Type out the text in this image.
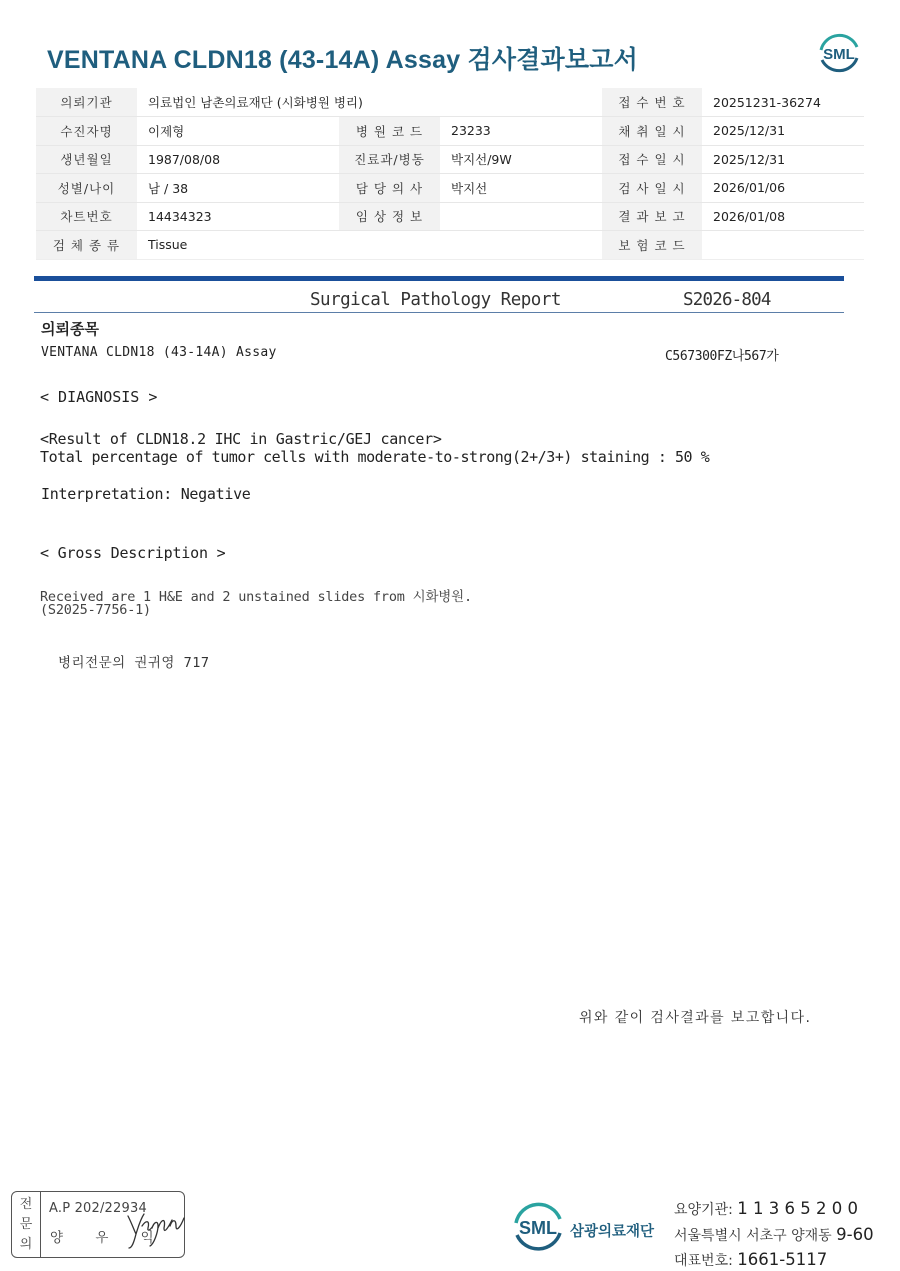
VENTANA CLDN18 (43-14A) Assay 검사결과보고서	SML
의뢰기관	의료법인 남촌의료재단 (시화병원 병리)			접 수 번 호	20251231-36274
수진자명	이제형	병 원 코 드	23233	채 취 일 시	2025/12/31
생년월일	1987/08/08	진료과/병동	박지선/9W	접 수 일 시	2025/12/31
성별/나이	남 / 38	담 당 의 사	박지선	검 사 일 시	2026/01/06
차트번호	14434323	임 상 정 보		결 과 보 고	2026/01/08
검 체 종 류	Tissue			보 험 코 드	
Surgical Pathology Report	S2026-804
의뢰종목
VENTANA CLDN18 (43-14A) Assay	C567300FZ나567가
< DIAGNOSIS >
<Result of CLDN18.2 IHC in Gastric/GEJ cancer>
Total percentage of tumor cells with moderate-to-strong(2+/3+) staining : 50 %
Interpretation: Negative
< Gross Description >
Received are 1 H&E and 2 unstained slides from 시화병원.
(S2025-7756-1)
병리전문의 권귀영 717
위와 같이 검사결과를 보고합니다.
전
문
의
A.P 202/22934
양 우 익	SML 삼광의료재단
요양기관: 1 1 3 6 5 2 0 0
서울특별시 서초구 양재동 9-60
대표번호: 1661-5117
